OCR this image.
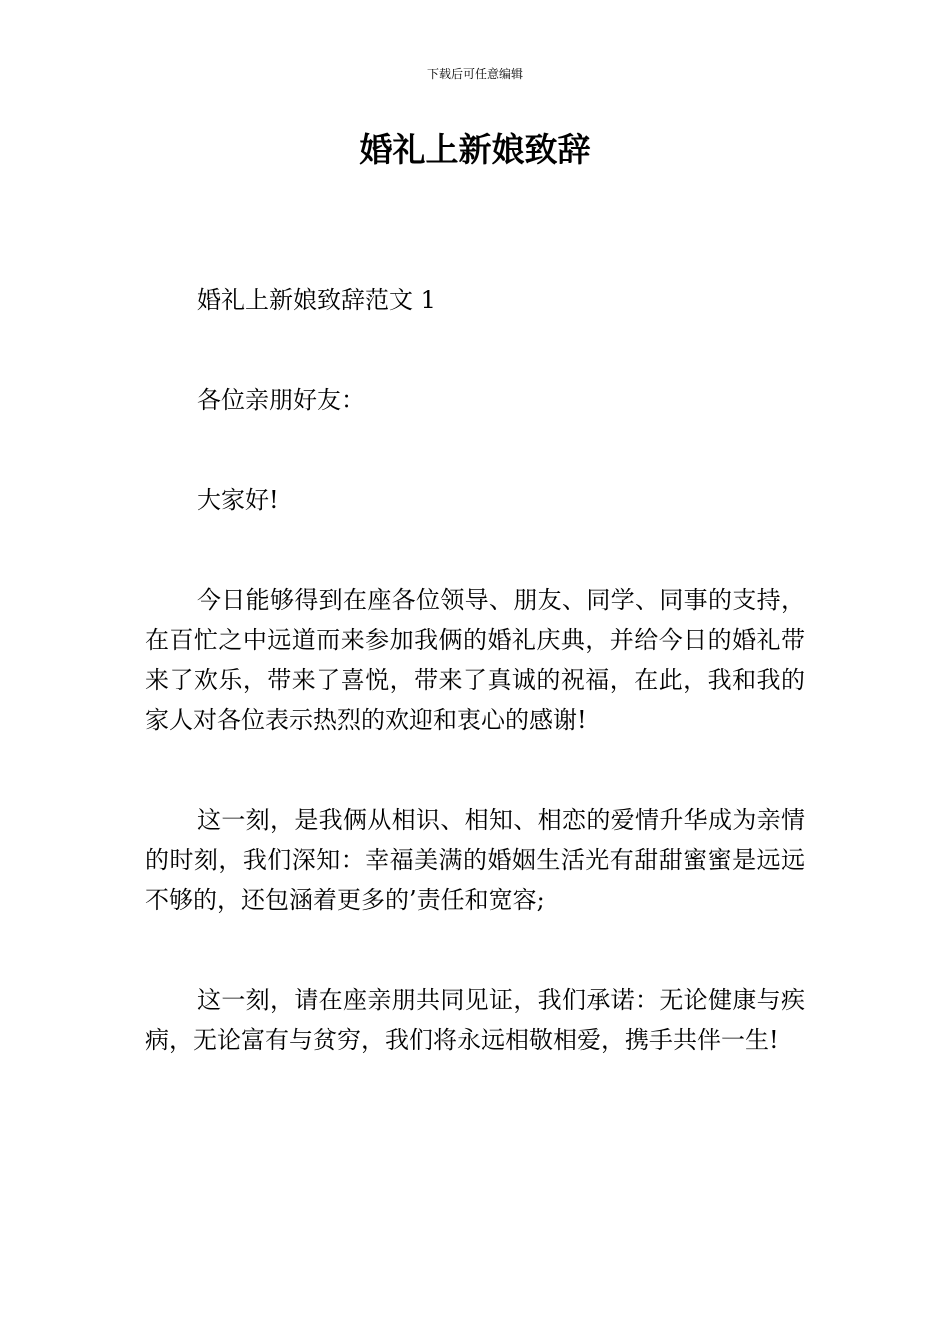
下载后可任意编辑
婚礼上新娘致辞

婚礼上新娘致辞范文 1

各位亲朋好友：

大家好!

今日能够得到在座各位领导、朋友、同学、同事的支持，在百忙之中远道而来参加我俩的婚礼庆典，并给今日的婚礼带来了欢乐，带来了喜悦，带来了真诚的祝福，在此，我和我的家人对各位表示热烈的欢迎和衷心的感谢!

这一刻，是我俩从相识、相知、相恋的爱情升华成为亲情的时刻，我们深知：幸福美满的婚姻生活光有甜甜蜜蜜是远远不够的，还包涵着更多的’责任和宽容;

这一刻，请在座亲朋共同见证，我们承诺：无论健康与疾病，无论富有与贫穷，我们将永远相敬相爱，携手共伴一生!
